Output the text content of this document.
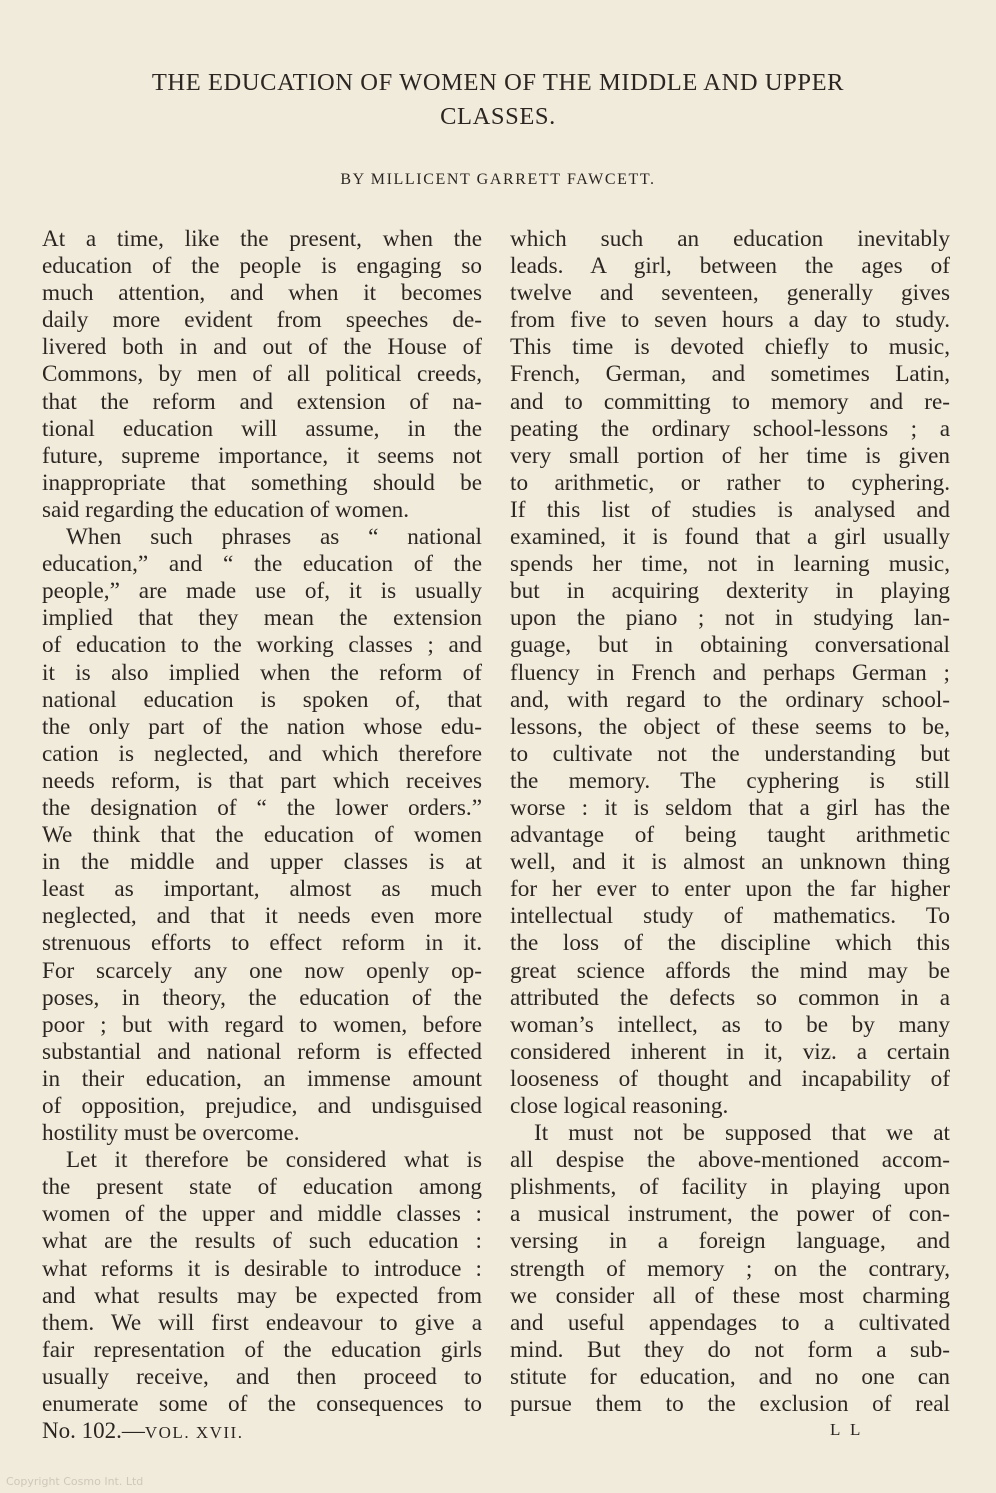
THE EDUCATION OF WOMEN OF THE MIDDLE AND UPPER
CLASSES.
BY MILLICENT GARRETT FAWCETT.
At a time, like the present, when the
education of the people is engaging so
much attention, and when it becomes
daily more evident from speeches de-
livered both in and out of the House of
Commons, by men of all political creeds,
that the reform and extension of na-
tional education will assume, in the
future, supreme importance, it seems not
inappropriate that something should be
said regarding the education of women.
When such phrases as “ national
education,” and “ the education of the
people,” are made use of, it is usually
implied that they mean the extension
of education to the working classes ; and
it is also implied when the reform of
national education is spoken of, that
the only part of the nation whose edu-
cation is neglected, and which therefore
needs reform, is that part which receives
the designation of “ the lower orders.”
We think that the education of women
in the middle and upper classes is at
least as important, almost as much
neglected, and that it needs even more
strenuous efforts to effect reform in it.
For scarcely any one now openly op-
poses, in theory, the education of the
poor ; but with regard to women, before
substantial and national reform is effected
in their education, an immense amount
of opposition, prejudice, and undisguised
hostility must be overcome.
Let it therefore be considered what is
the present state of education among
women of the upper and middle classes :
what are the results of such education :
what reforms it is desirable to introduce :
and what results may be expected from
them. We will first endeavour to give a
fair representation of the education girls
usually receive, and then proceed to
enumerate some of the consequences to
which such an education inevitably
leads. A girl, between the ages of
twelve and seventeen, generally gives
from five to seven hours a day to study.
This time is devoted chiefly to music,
French, German, and sometimes Latin,
and to committing to memory and re-
peating the ordinary school-lessons ; a
very small portion of her time is given
to arithmetic, or rather to cyphering.
If this list of studies is analysed and
examined, it is found that a girl usually
spends her time, not in learning music,
but in acquiring dexterity in playing
upon the piano ; not in studying lan-
guage, but in obtaining conversational
fluency in French and perhaps German ;
and, with regard to the ordinary school-
lessons, the object of these seems to be,
to cultivate not the understanding but
the memory. The cyphering is still
worse : it is seldom that a girl has the
advantage of being taught arithmetic
well, and it is almost an unknown thing
for her ever to enter upon the far higher
intellectual study of mathematics. To
the loss of the discipline which this
great science affords the mind may be
attributed the defects so common in a
woman’s intellect, as to be by many
considered inherent in it, viz. a certain
looseness of thought and incapability of
close logical reasoning.
It must not be supposed that we at
all despise the above-mentioned accom-
plishments, of facility in playing upon
a musical instrument, the power of con-
versing in a foreign language, and
strength of memory ; on the contrary,
we consider all of these most charming
and useful appendages to a cultivated
mind. But they do not form a sub-
stitute for education, and no one can
pursue them to the exclusion of real
No. 102.—VOL. XVII.	L L
Copyright Cosmo Int. Ltd
